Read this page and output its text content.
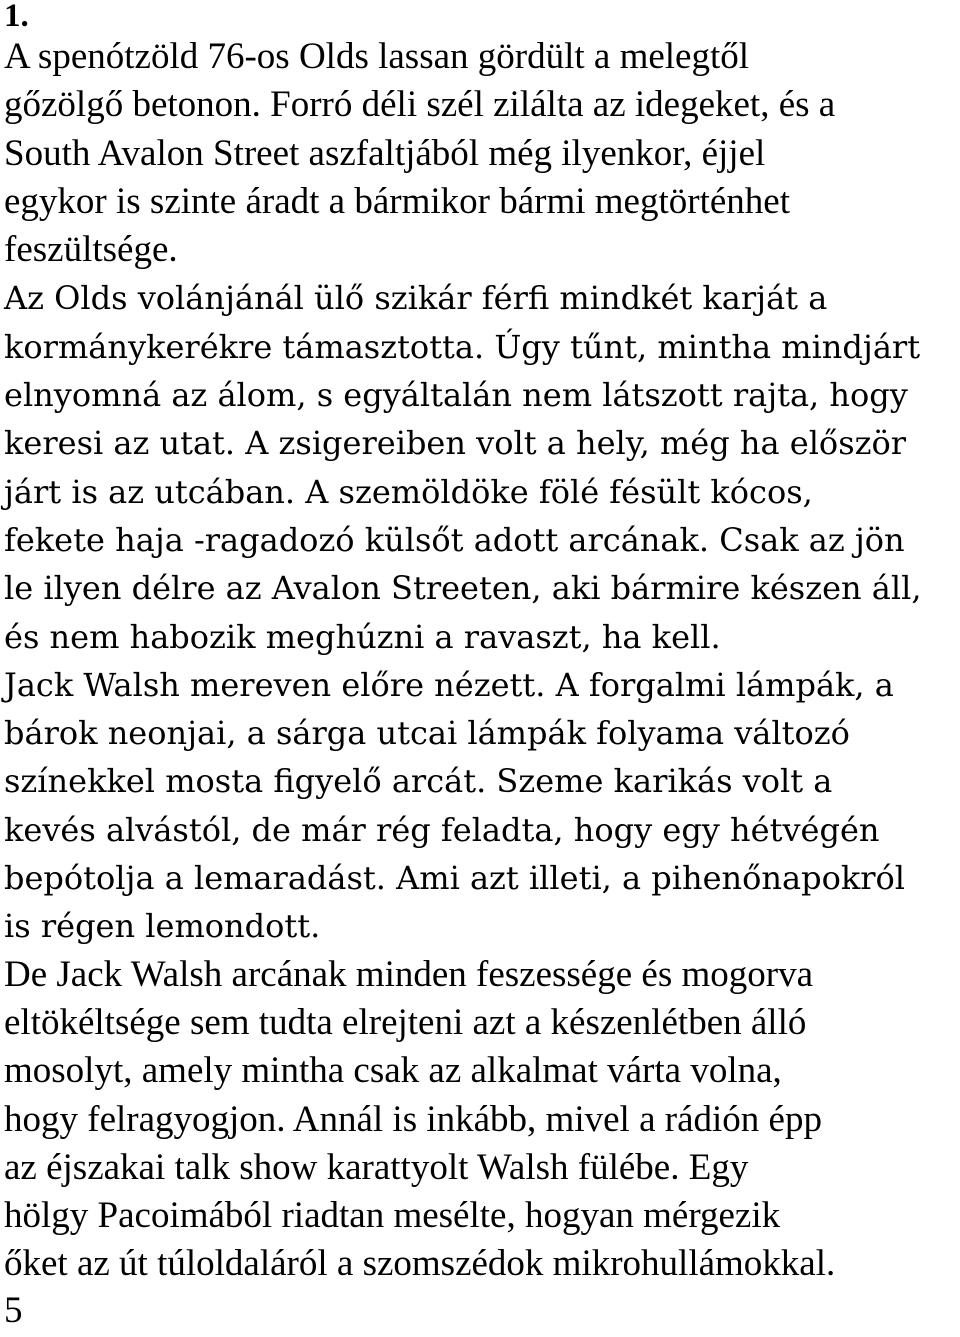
1.
A spenótzöld 76-os Olds lassan gördült a melegtől
gőzölgő betonon. Forró déli szél zilálta az idegeket, és a
South Avalon Street aszfaltjából még ilyenkor, éjjel
egykor is szinte áradt a bármikor bármi megtörténhet
feszültsége.
Az Olds volánjánál ülő szikár férfi mindkét karját a
kormánykerékre támasztotta. Úgy tűnt, mintha mindjárt
elnyomná az álom, s egyáltalán nem látszott rajta, hogy
keresi az utat. A zsigereiben volt a hely, még ha először
járt is az utcában. A szemöldöke fölé fésült kócos,
fekete haja -ragadozó külsőt adott arcának. Csak az jön
le ilyen délre az Avalon Streeten, aki bármire készen áll,
és nem habozik meghúzni a ravaszt, ha kell.
Jack Walsh mereven előre nézett. A forgalmi lámpák, a
bárok neonjai, a sárga utcai lámpák folyama változó
színekkel mosta figyelő arcát. Szeme karikás volt a
kevés alvástól, de már rég feladta, hogy egy hétvégén
bepótolja a lemaradást. Ami azt illeti, a pihenőnapokról
is régen lemondott.
De Jack Walsh arcának minden feszessége és mogorva
eltökéltsége sem tudta elrejteni azt a készenlétben álló
mosolyt, amely mintha csak az alkalmat várta volna,
hogy felragyogjon. Annál is inkább, mivel a rádión épp
az éjszakai talk show karattyolt Walsh fülébe. Egy
hölgy Pacoimából riadtan mesélte, hogyan mérgezik
őket az út túloldaláról a szomszédok mikrohullámokkal.
5
